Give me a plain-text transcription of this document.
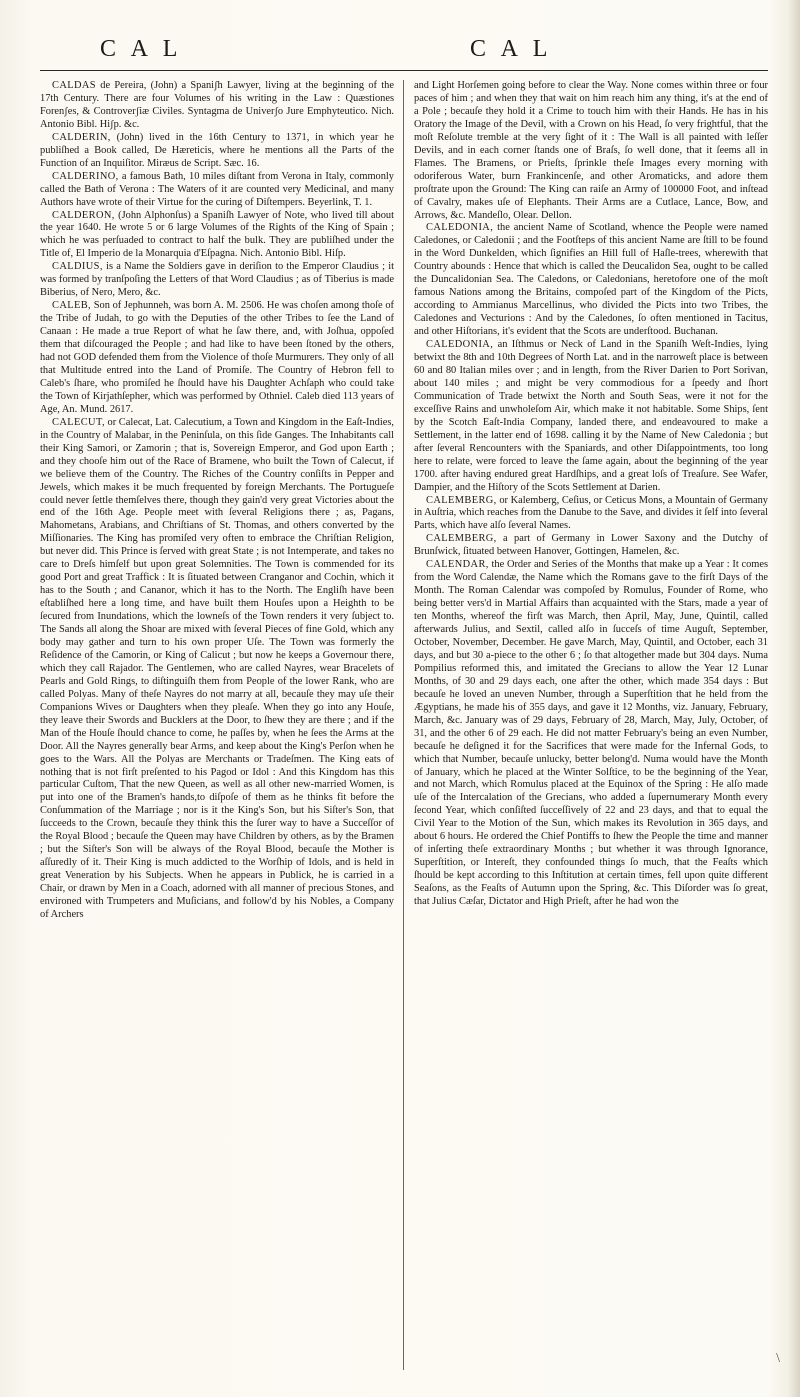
C A L	C A L

CALDAS de Pereira, (John) a Spaniʃh Lawyer, living at the beginning of the 17th Century. There are four Volumes of his writing in the Law : Quæstiones Forenʃes, & Controverʃiæ Civiles. Syntagma de Univerʃo Jure Emphyteutico. Nich. Antonio Bibl. Hiʃp. &c.

CALDERIN, (John) lived in the 16th Century to 1371, in which year he publiſhed a Book called, De Hæreticis, where he mentions all the Parts of the Function of an Inquiſitor. Miræus de Script. Sæc. 16.

CALDERINO, a famous Bath, 10 miles diſtant from Verona in Italy, commonly called the Bath of Verona : The Waters of it are counted very Medicinal, and many Authors have wrote of their Virtue for the curing of Diſtempers. Beyerlink, T. 1.

CALDERON, (John Alphonſus) a Spaniſh Lawyer of Note, who lived till about the year 1640. He wrote 5 or 6 large Volumes of the Rights of the King of Spain ; which he was perſuaded to contract to half the bulk. They are publiſhed under the Title of, El Imperio de la Monarquia d'Eſpagna. Nich. Antonio Bibl. Hiſp.

CALDIUS, is a Name the Soldiers gave in deriſion to the Emperor Claudius ; it was formed by tranſpoſing the Letters of that Word Claudius ; as of Tiberius is made Biberius, of Nero, Mero, &c.

CALEB, Son of Jephunneh, was born A. M. 2506. He was choſen among thoſe of the Tribe of Judah, to go with the Deputies of the other Tribes to ſee the Land of Canaan : He made a true Report of what he ſaw there, and, with Joſhua, oppoſed them that diſcouraged the People ; and had like to have been ſtoned by the others, had not GOD defended them from the Violence of thoſe Murmurers. They only of all that Multitude entred into the Land of Promiſe. The Country of Hebron fell to Caleb's ſhare, who promiſed he ſhould have his Daughter Achſaph who could take the Town of Kirjathſepher, which was performed by Othniel. Caleb died 113 years of Age, An. Mund. 2617.

CALECUT, or Calecat, Lat. Calecutium, a Town and Kingdom in the Eaſt-Indies, in the Country of Malabar, in the Peninſula, on this ſide Ganges. The Inhabitants call their King Samori, or Zamorin ; that is, Sovereign Emperor, and God upon Earth ; and they chooſe him out of the Race of Bramene, who built the Town of Calecut, if we believe them of the Country. The Riches of the Country conſiſts in Pepper and Jewels, which makes it be much frequented by foreign Merchants. The Portugueſe could never ſettle themſelves there, though they gain'd very great Victories about the end of the 16th Age. People meet with ſeveral Religions there ; as, Pagans, Mahometans, Arabians, and Chriſtians of St. Thomas, and others converted by the Miſſionaries. The King has promiſed very often to embrace the Chriſtian Religion, but never did. This Prince is ſerved with great State ; is not Intemperate, and takes no care to Dreſs himſelf but upon great Solemnities. The Town is commended for its good Port and great Traffick : It is ſituated between Cranganor and Cochin, which it has to the South ; and Cananor, which it has to the North. The Engliſh have been eſtabliſhed here a long time, and have built them Houſes upon a Heighth to be ſecured from Inundations, which the lowneſs of the Town renders it very ſubject to. The Sands all along the Shoar are mixed with ſeveral Pieces of fine Gold, which any body may gather and turn to his own proper Uſe. The Town was formerly the Reſidence of the Camorin, or King of Calicut ; but now he keeps a Governour there, which they call Rajador. The Gentlemen, who are called Nayres, wear Bracelets of Pearls and Gold Rings, to diſtinguiſh them from People of the lower Rank, who are called Polyas. Many of theſe Nayres do not marry at all, becauſe they may uſe their Companions Wives or Daughters when they pleaſe. When they go into any Houſe, they leave their Swords and Bucklers at the Door, to ſhew they are there ; and if the Man of the Houſe ſhould chance to come, he paſſes by, when he ſees the Arms at the Door. All the Nayres generally bear Arms, and keep about the King's Perſon when he goes to the Wars. All the Polyas are Merchants or Tradeſmen. The King eats of nothing that is not firſt preſented to his Pagod or Idol : And this Kingdom has this particular Cuſtom, That the new Queen, as well as all other new-married Women, is put into one of the Bramen's hands,to diſpoſe of them as he thinks fit before the Conſummation of the Marriage ; nor is it the King's Son, but his Siſter's Son, that ſucceeds to the Crown, becauſe they think this the ſurer way to have a Succeſſor of the Royal Blood ; becauſe the Queen may have Children by others, as by the Bramen ; but the Siſter's Son will be always of the Royal Blood, becauſe the Mother is aſſuredly of it. Their King is much addicted to the Worſhip of Idols, and is held in great Veneration by his Subjects. When he appears in Publick, he is carried in a Chair, or drawn by Men in a Coach, adorned with all manner of precious Stones, and environed with Trumpeters and Muſicians, and follow'd by his Nobles, a Company of Archers

and Light Horſemen going before to clear the Way. None comes within three or four paces of him ; and when they that wait on him reach him any thing, it's at the end of a Pole ; becauſe they hold it a Crime to touch him with their Hands. He has in his Oratory the Image of the Devil, with a Crown on his Head, ſo very frightful, that the moſt Reſolute tremble at the very ſight of it : The Wall is all painted with leſſer Devils, and in each corner ſtands one of Braſs, ſo well done, that it ſeems all in Flames. The Bramens, or Prieſts, ſprinkle theſe Images every morning with odoriferous Water, burn Frankincenſe, and other Aromaticks, and adore them proſtrate upon the Ground: The King can raiſe an Army of 100000 Foot, and inſtead of Cavalry, makes uſe of Elephants. Their Arms are a Cutlace, Lance, Bow, and Arrows, &c. Mandeſlo, Olear. Dellon.

CALEDONIA, the ancient Name of Scotland, whence the People were named Caledones, or Caledonii ; and the Footſteps of this ancient Name are ſtill to be found in the Word Dunkelden, which ſignifies an Hill full of Haſle-trees, wherewith that Country abounds : Hence that which is called the Deucalidon Sea, ought to be called the Duncalidonian Sea. The Caledons, or Caledonians, heretofore one of the moſt famous Nations among the Britains, compoſed part of the Kingdom of the Picts, according to Ammianus Marcellinus, who divided the Picts into two Tribes, the Caledones and Vecturions : And by the Caledones, ſo often mentioned in Tacitus, and other Hiſtorians, it's evident that the Scots are underſtood. Buchanan.

CALEDONIA, an Iſthmus or Neck of Land in the Spaniſh Weſt-Indies, lying betwixt the 8th and 10th Degrees of North Lat. and in the narroweſt place is between 60 and 80 Italian miles over ; and in length, from the River Darien to Port Sorivan, about 140 miles ; and might be very commodious for a ſpeedy and ſhort Communication of Trade betwixt the North and South Seas, were it not for the exceſſive Rains and unwholeſom Air, which make it not habitable. Some Ships, ſent by the Scotch Eaſt-India Company, landed there, and endeavoured to make a Settlement, in the latter end of 1698. calling it by the Name of New Caledonia ; but after ſeveral Rencounters with the Spaniards, and other Diſappointments, too long here to relate, were forced to leave the ſame again, about the beginning of the year 1700. after having endured great Hardſhips, and a great loſs of Treaſure. See Wafer, Dampier, and the Hiſtory of the Scots Settlement at Darien.

CALEMBERG, or Kalemberg, Ceſius, or Ceticus Mons, a Mountain of Germany in Auſtria, which reaches from the Danube to the Save, and divides it ſelf into ſeveral Parts, which have alſo ſeveral Names.

CALEMBERG, a part of Germany in Lower Saxony and the Dutchy of Brunſwick, ſituated between Hanover, Gottingen, Hamelen, &c.

CALENDAR, the Order and Series of the Months that make up a Year : It comes from the Word Calendæ, the Name which the Romans gave to the firſt Days of the Month. The Roman Calendar was compoſed by Romulus, Founder of Rome, who being better vers'd in Martial Affairs than acquainted with the Stars, made a year of ten Months, whereof the firſt was March, then April, May, June, Quintil, called afterwards Julius, and Sextil, called alſo in ſucceſs of time Auguſt, September, October, November, December. He gave March, May, Quintil, and October, each 31 days, and but 30 a-piece to the other 6 ; ſo that altogether made but 304 days. Numa Pompilius reformed this, and imitated the Grecians to allow the Year 12 Lunar Months, of 30 and 29 days each, one after the other, which made 354 days : But becauſe he loved an uneven Number, through a Superſtition that he held from the Ægyptians, he made his of 355 days, and gave it 12 Months, viz. January, February, March, &c. January was of 29 days, February of 28, March, May, July, October, of 31, and the other 6 of 29 each. He did not matter February's being an even Number, becauſe he deſigned it for the Sacrifices that were made for the Infernal Gods, to which that Number, becauſe unlucky, better belong'd. Numa would have the Month of January, which he placed at the Winter Solſtice, to be the beginning of the Year, and not March, which Romulus placed at the Equinox of the Spring : He alſo made uſe of the Intercalation of the Grecians, who added a ſupernumerary Month every ſecond Year, which conſiſted ſucceſſively of 22 and 23 days, and that to equal the Civil Year to the Motion of the Sun, which makes its Revolution in 365 days, and about 6 hours. He ordered the Chief Pontiffs to ſhew the People the time and manner of inſerting theſe extraordinary Months ; but whether it was through Ignorance, Superſtition, or Intereſt, they confounded things ſo much, that the Feaſts which ſhould be kept according to this Inſtitution at certain times, fell upon quite different Seaſons, as the Feaſts of Autumn upon the Spring, &c. This Diſorder was ſo great, that Julius Cæſar, Dictator and High Prieſt, after he had won the

\
